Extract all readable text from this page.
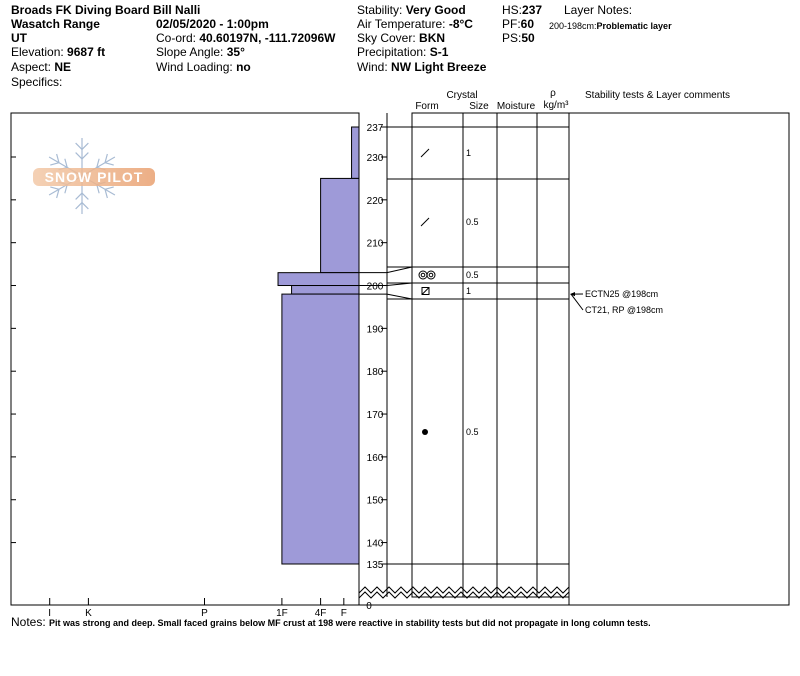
Broads FK Diving Board Bill Nalli
Wasatch Range
UT
Elevation: 9687 ft
Aspect: NE
Specifics:
02/05/2020 - 1:00pm
Co-ord: 40.60197N, -111.72096W
Slope Angle: 35°
Wind Loading: no
Stability: Very Good
Air Temperature: -8°C
Sky Cover: BKN
Precipitation: S-1
Wind: NW Light Breeze
HS:237
PF:60
PS:50
Layer Notes:
200-198cm:Problematic layer
SNOW PILOT
I	K	P	1F	4F F
140
150
160
170
180
190
200
210
220
230
237
135
0
1
0.5
0.5
1
0.5
ECTN25 @198cm
CT21, RP @198cm
Crystal
Form	Size Moisture
ρ
kg/m³
Stability tests & Layer comments
Notes: Pit was strong and deep. Small faced grains below MF crust at 198 were reactive in stability tests but did not propagate in long column tests.
